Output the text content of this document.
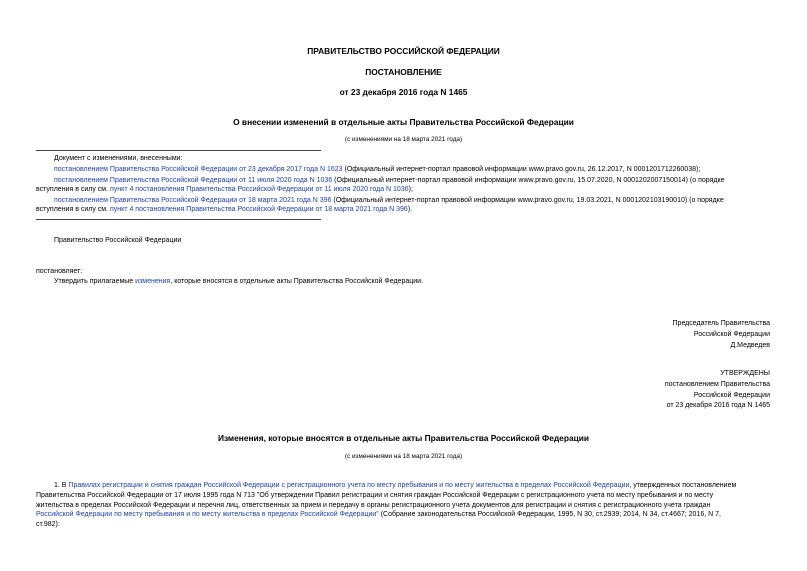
ПРАВИТЕЛЬСТВО РОССИЙСКОЙ ФЕДЕРАЦИИ
ПОСТАНОВЛЕНИЕ
от 23 декабря 2016 года N 1465
О внесении изменений в отдельные акты Правительства Российской Федерации
(с изменениями на 18 марта 2021 года)
Документ с изменениями, внесенными:
постановлением Правительства Российской Федерации от 23 декабря 2017 года N 1623 (Официальный интернет-портал правовой информации www.pravo.gov.ru, 26.12.2017, N 0001201712260038);
постановлением Правительства Российской Федерации от 11 июля 2020 года N 1036 (Официальный интернет-портал правовой информации www.pravo.gov.ru, 15.07.2020, N 0001202007150014) (о порядке
вступления в силу см. пункт 4 постановления Правительства Российской Федерации от 11 июля 2020 года N 1036);
постановлением Правительства Российской Федерации от 18 марта 2021 года N 396 (Официальный интернет-портал правовой информации www.pravo.gov.ru, 19.03.2021, N 0001202103190010) (о порядке
вступления в силу см. пункт 4 постановления Правительства Российской Федерации от 18 марта 2021 года N 396).
Правительство Российской Федерации
постановляет:
Утвердить прилагаемые изменения, которые вносятся в отдельные акты Правительства Российской Федерации.
Председатель Правительства
Российской Федерации
Д.Медведев
УТВЕРЖДЕНЫ
постановлением Правительства
Российской Федерации
от 23 декабря 2016 года N 1465
Изменения, которые вносятся в отдельные акты Правительства Российской Федерации
(с изменениями на 18 марта 2021 года)
1. В Правилах регистрации и снятия граждан Российской Федерации с регистрационного учета по месту пребывания и по месту жительства в пределах Российской Федерации, утвержденных постановлением
Правительства Российской Федерации от 17 июля 1995 года N 713 "Об утверждении Правил регистрации и снятия граждан Российской Федерации с регистрационного учета по месту пребывания и по месту
жительства в пределах Российской Федерации и перечня лиц, ответственных за прием и передачу в органы регистрационного учета документов для регистрации и снятия с регистрационного учета граждан
Российской Федерации по месту пребывания и по месту жительства в пределах Российской Федерации" (Собрание законодательства Российской Федерации, 1995, N 30, ст.2939; 2014, N 34, ст.4667; 2016, N 7,
ст.982):
